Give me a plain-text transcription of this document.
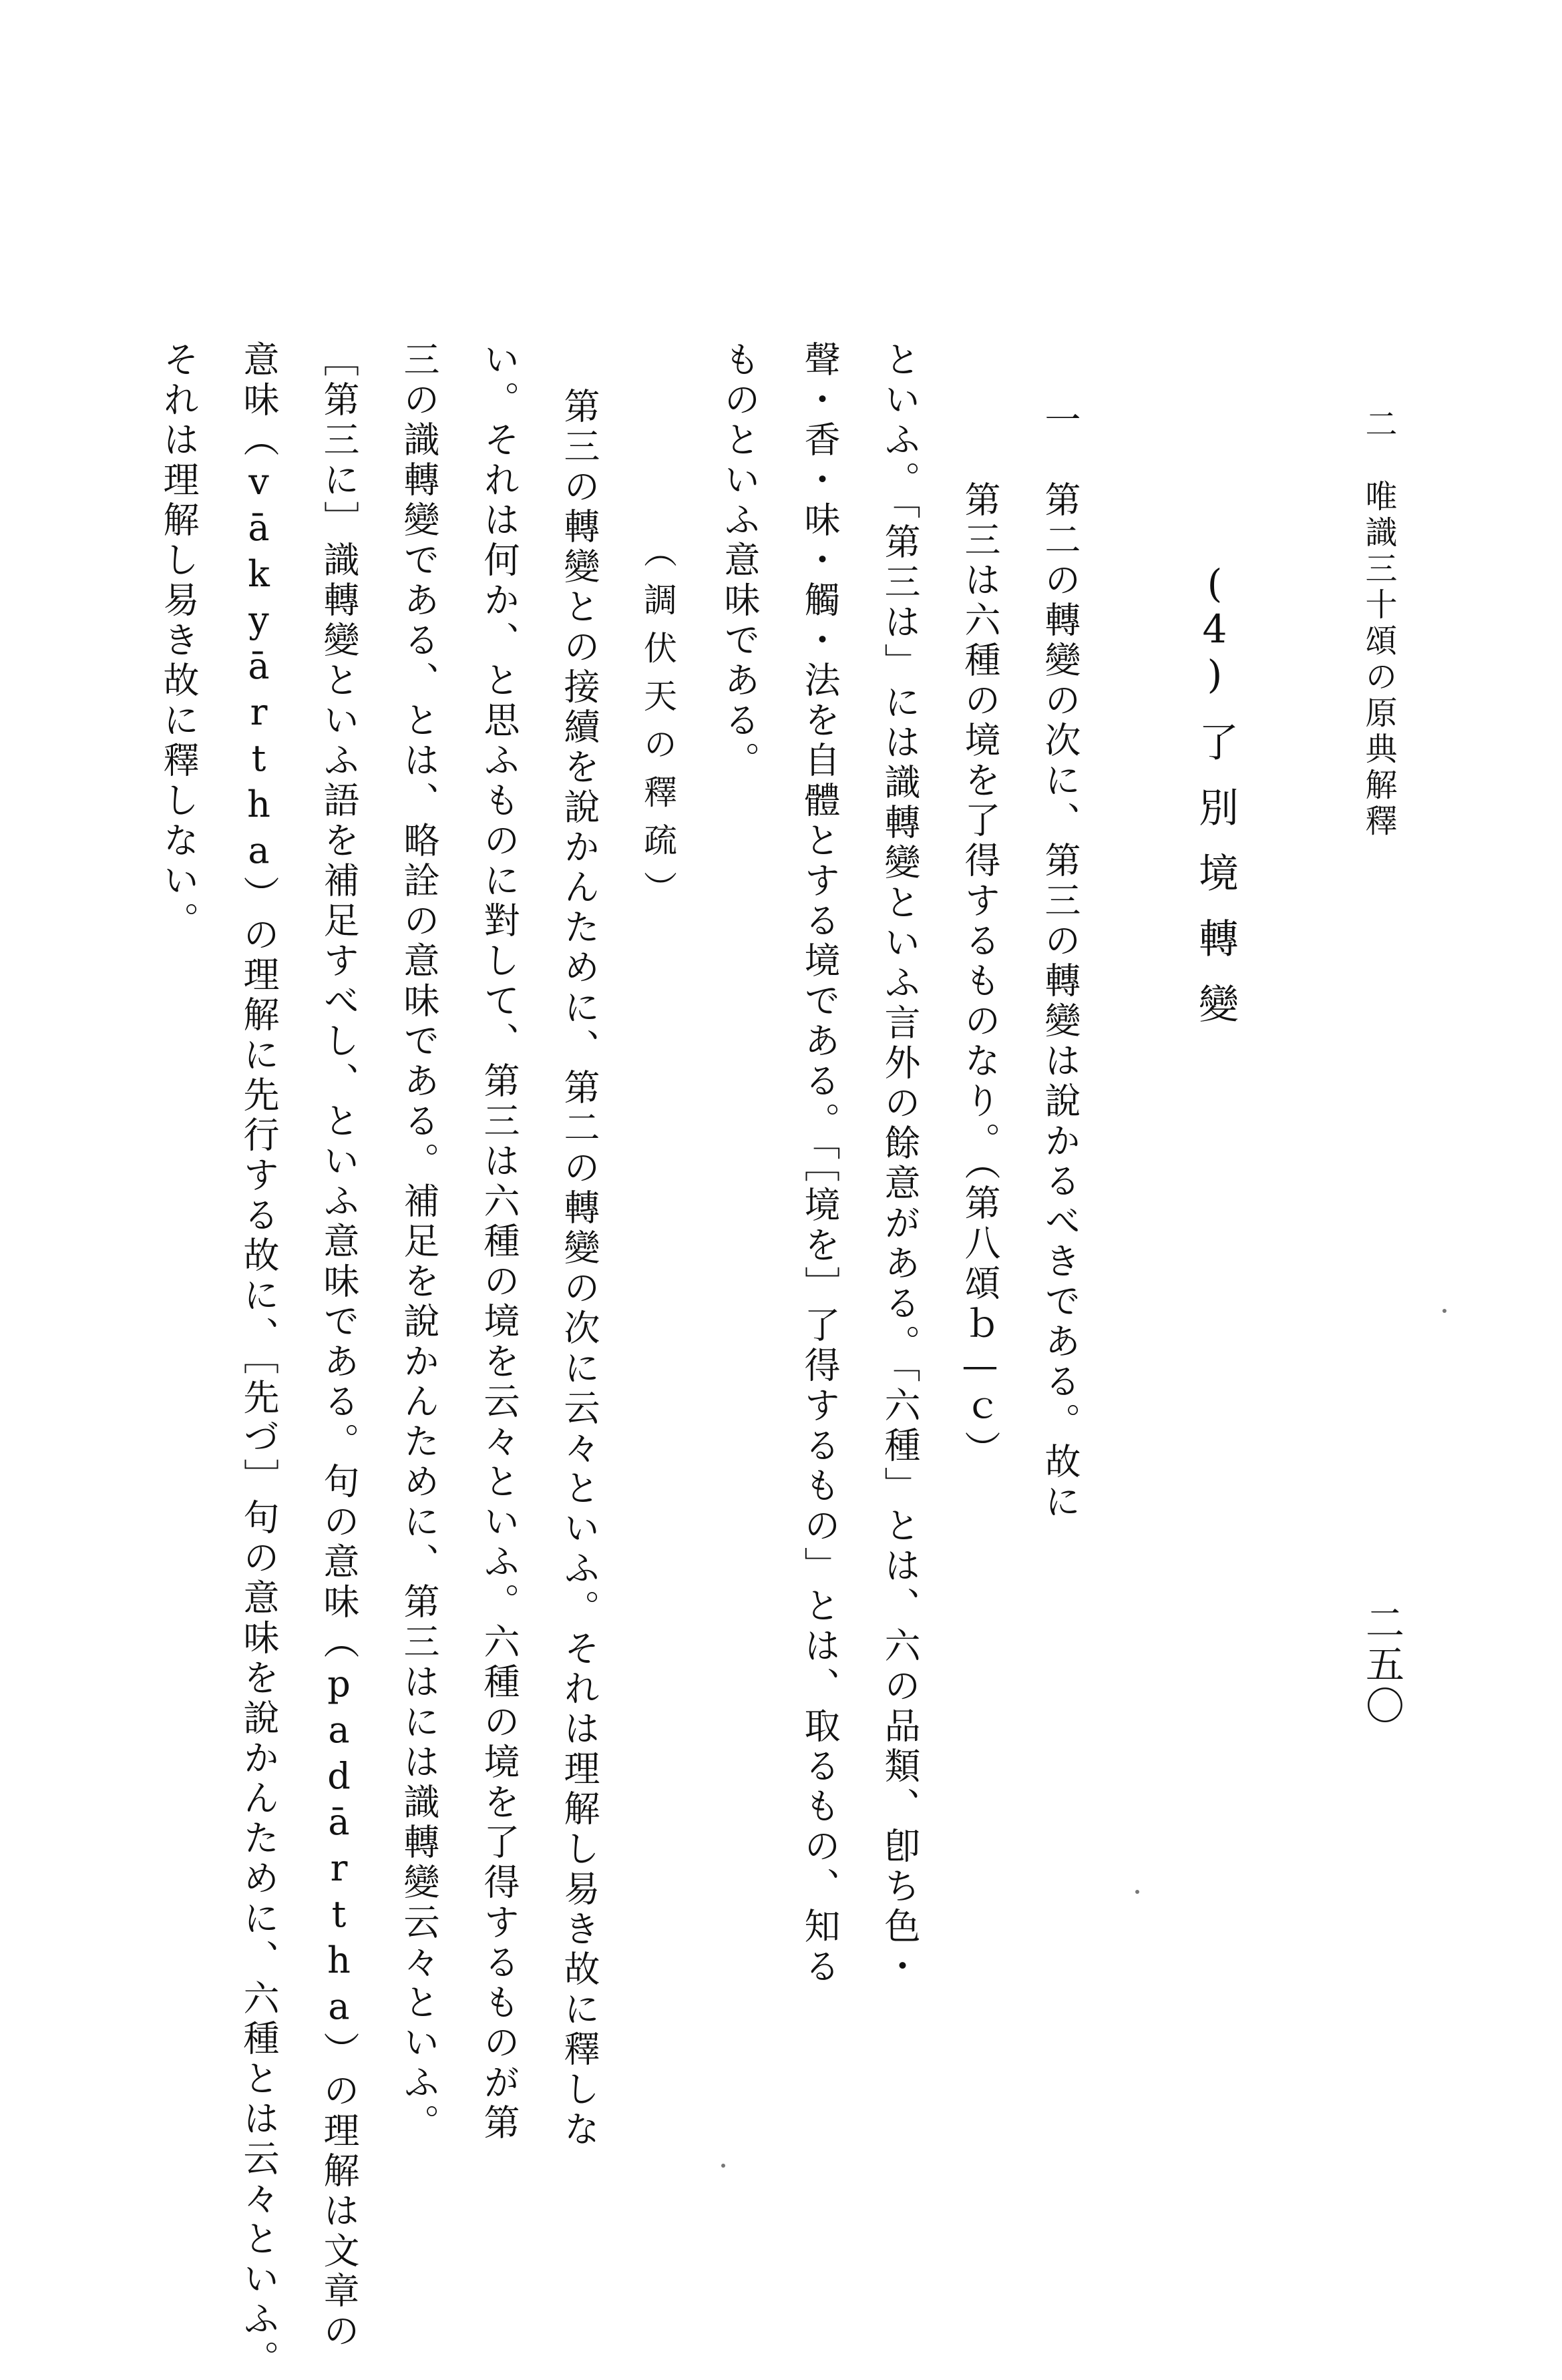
二　唯識三十頌の原典解釋
二五〇
(4)
了別境轉變
一　第二の轉變の次に、第三の轉變は說かるべきである。故に
第三は六種の境を了得するものなり。（第八頌ｂ—ｃ）
といふ。「第三は」には識轉變といふ言外の餘意がある。「六種」とは、六の品類、卽ち色・
聲・香・味・觸・法を自體とする境である。「［境を］了得するもの」とは、取るもの、知る
ものといふ意味である。
（調伏天の釋疏）
第三の轉變との接續を說かんために、第二の轉變の次に云々といふ。それは理解し易き故に釋しな
い。それは何か、と思ふものに對して、第三は六種の境を云々といふ。六種の境を了得するものが第
三の識轉變である、とは、略詮の意味である。補足を說かんために、第三はには識轉變云々といふ。
［第三に］識轉變といふ語を補足すべし、といふ意味である。句の意味（padārtha）の理解は文章の
意味（vākyārtha）の理解に先行する故に、［先づ］句の意味を說かんために、六種とは云々といふ。
それは理解し易き故に釋しない。
